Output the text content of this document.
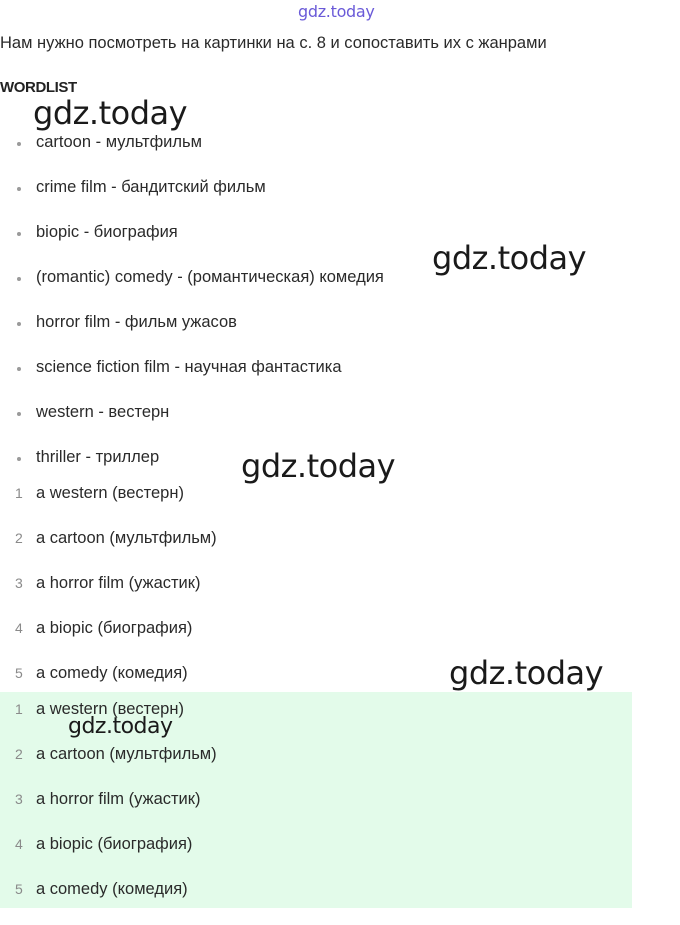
gdz.today
Нам нужно посмотреть на картинки на с. 8 и сопоставить их с жанрами
WORDLIST
cartoon - мультфильм
crime film - бандитский фильм
biopic - биография
(romantic) comedy - (романтическая) комедия
horror film - фильм ужасов
science fiction film - научная фантастика
western - вестерн
thriller - триллер
1 a western (вестерн)
2 a cartoon (мультфильм)
3 a horror film (ужастик)
4 a biopic (биография)
5 a comedy (комедия)
1 a western (вестерн)
2 a cartoon (мультфильм)
3 a horror film (ужастик)
4 a biopic (биография)
5 a comedy (комедия)
gdz.today
gdz.today
gdz.today
gdz.today
gdz.today
